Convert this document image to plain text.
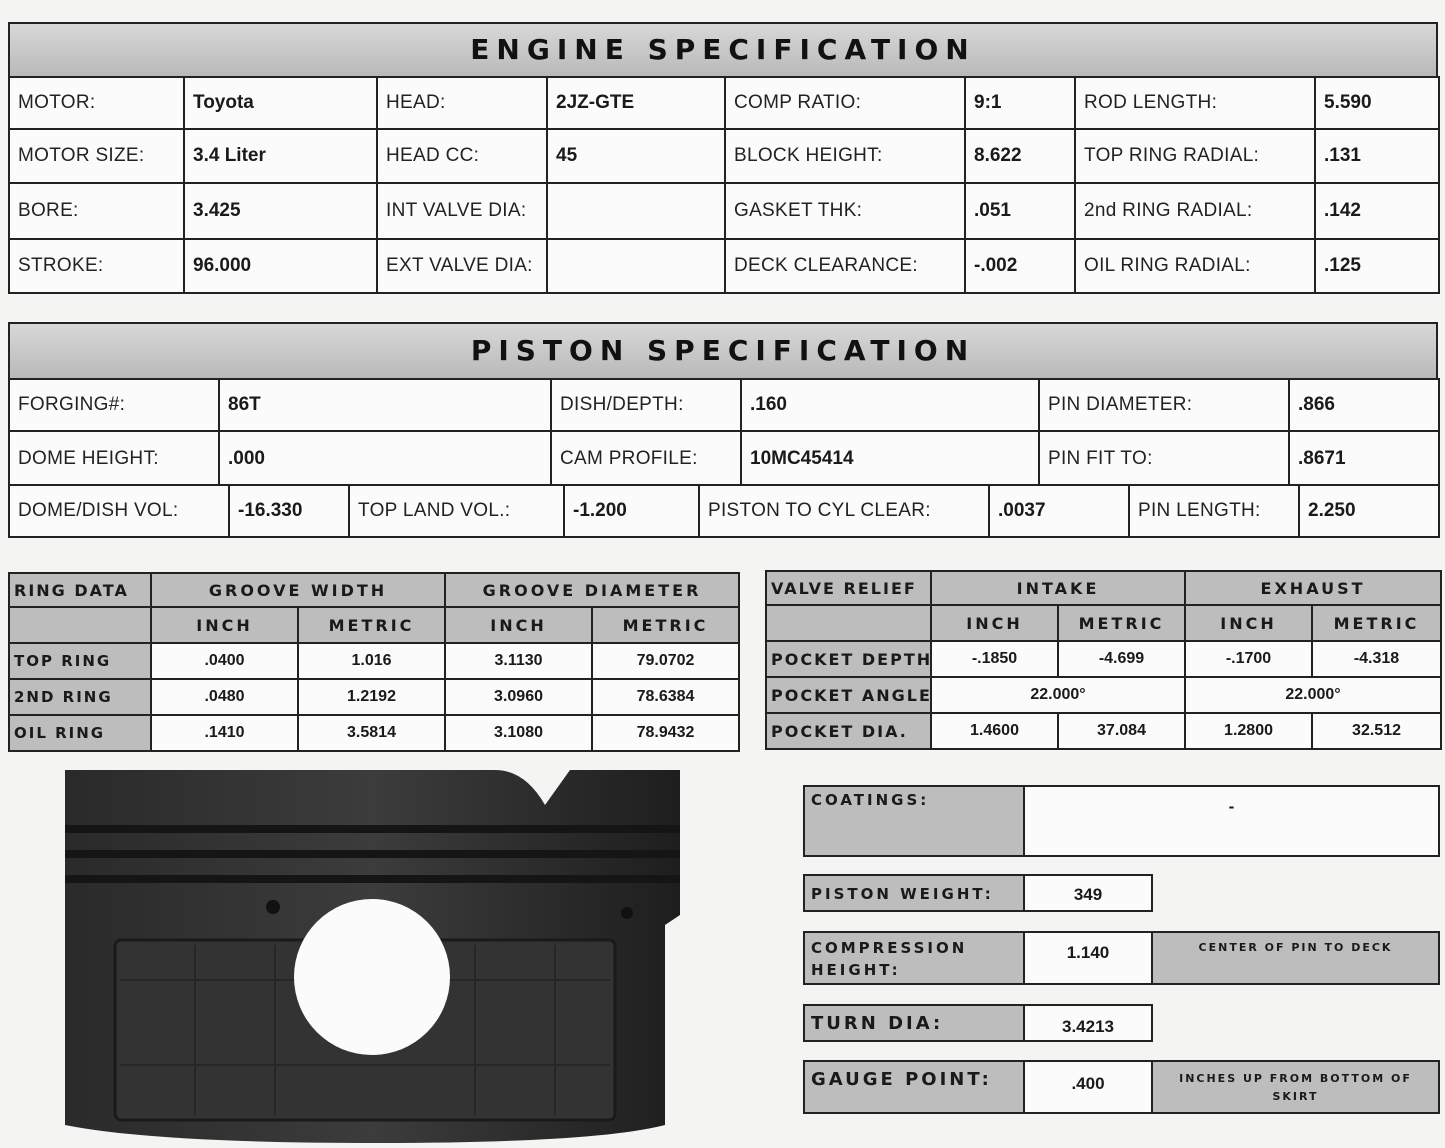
ENGINE SPECIFICATION
MOTOR:	Toyota	HEAD:	2JZ-GTE	COMP RATIO:	9:1	ROD LENGTH:	5.590
MOTOR SIZE:	3.4 Liter	HEAD CC:	45	BLOCK HEIGHT:	8.622	TOP RING RADIAL:	.131
BORE:	3.425	INT VALVE DIA:		GASKET THK:	.051	2nd RING RADIAL:	.142
STROKE:	96.000	EXT VALVE DIA:		DECK CLEARANCE:	-.002	OIL RING RADIAL:	.125
PISTON SPECIFICATION
FORGING#:	86T	DISH/DEPTH:	.160	PIN DIAMETER:	.866
DOME HEIGHT:	.000	CAM PROFILE:	10MC45414	PIN FIT TO:	.8671
DOME/DISH VOL:	-16.330	TOP LAND VOL.:	-1.200	PISTON TO CYL CLEAR:	.0037	PIN LENGTH:	2.250
RING DATA	GROOVE WIDTH		GROOVE DIAMETER	
	INCH	METRIC	INCH	METRIC
TOP RING	.0400	1.016	3.1130	79.0702
2ND RING	.0480	1.2192	3.0960	78.6384
OIL RING	.1410	3.5814	3.1080	78.9432
VALVE RELIEF	INTAKE		EXHAUST	
	INCH	METRIC	INCH	METRIC
POCKET DEPTH	-.1850	-4.699	-.1700	-4.318
POCKET ANGLE	22.000°		22.000°	
POCKET DIA.	1.4600	37.084	1.2800	32.512
COATINGS:	-
PISTON WEIGHT:	349
COMPRESSION HEIGHT:
1.140	CENTER OF PIN TO DECK
TURN DIA:	3.4213
GAUGE POINT:	.400	INCHES UP FROM BOTTOM OF SKIRT
